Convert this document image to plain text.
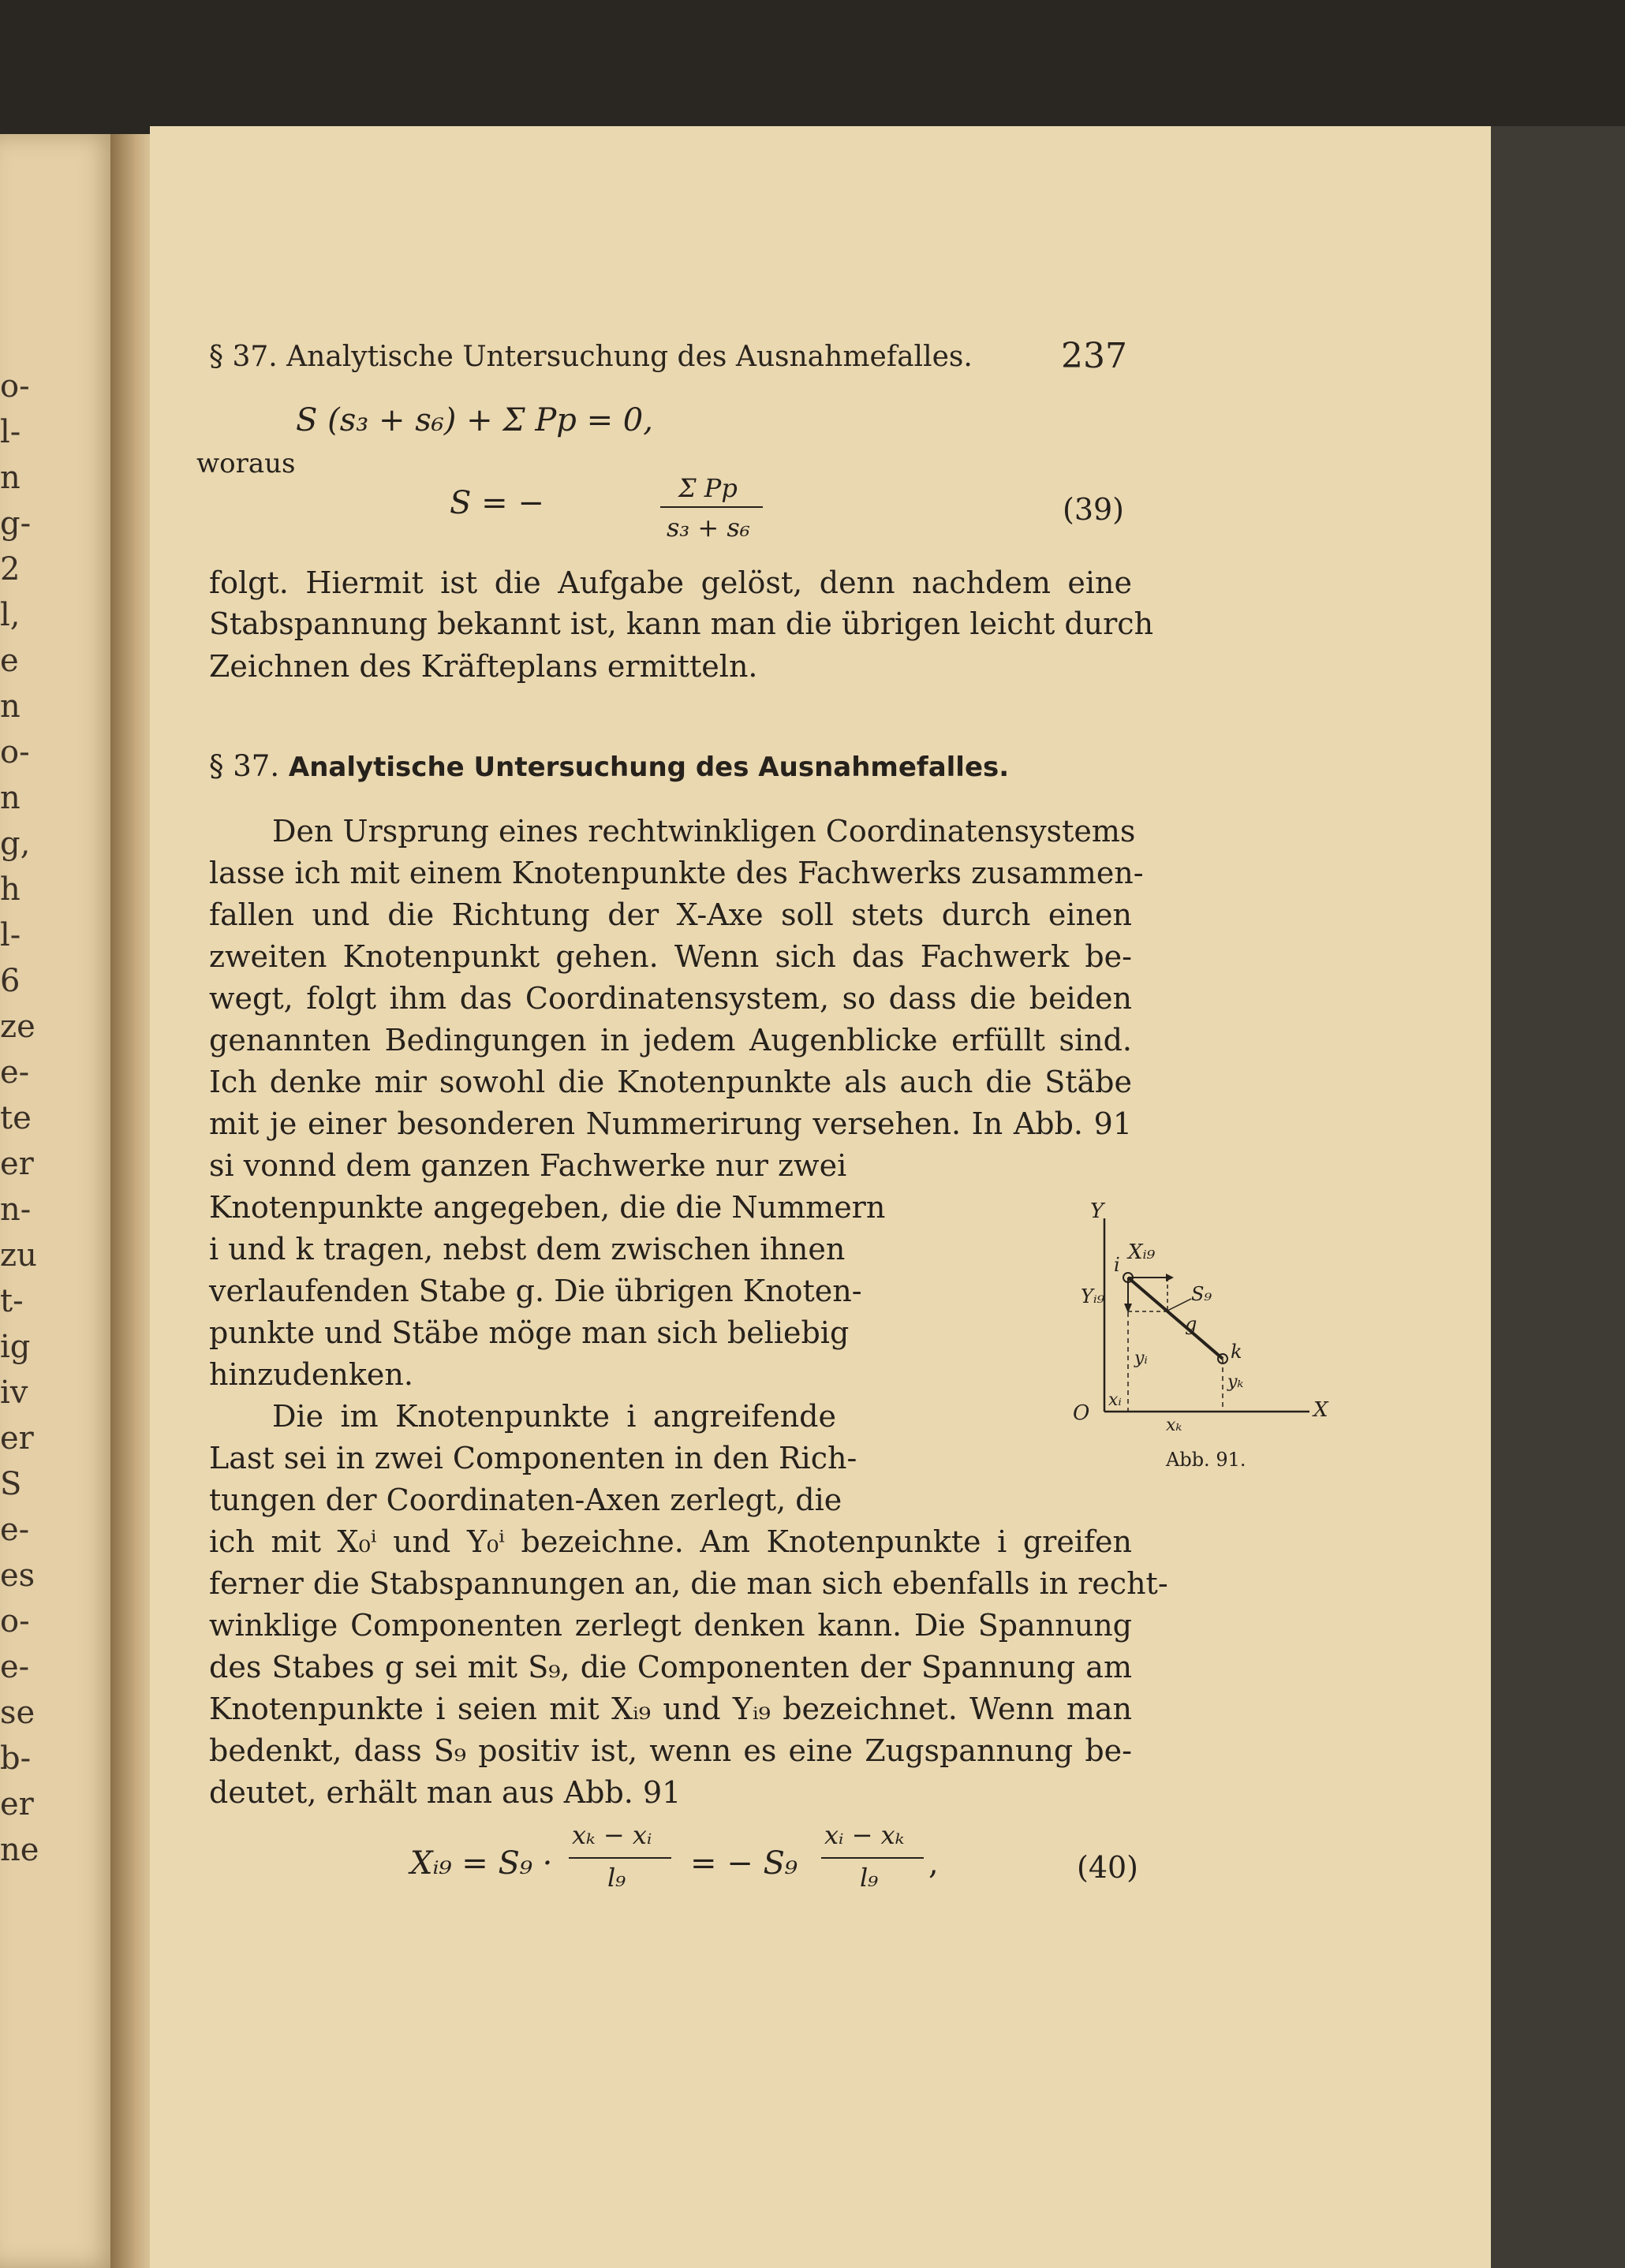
o-
l-
n
g-
2
l,
e
n
o-
n
g,
h
l-
6
ze
e-
te
er
n-
zu
t-
ig
iv
er
S
e-
es
o-
e-
se
b-
er
ne
§ 37. Analytische Untersuchung des Ausnahmefalles.	237
S (s₃ + s₆) + Σ Pp = 0,
woraus
S = −	Σ Pp
s₃ + s₆
(39)
folgt. Hiermit ist die Aufgabe gelöst, denn nachdem eine
Stabspannung bekannt ist, kann man die übrigen leicht durch
Zeichnen des Kräfteplans ermitteln.
§ 37. Analytische Untersuchung des Ausnahmefalles.
Den Ursprung eines rechtwinkligen Coordinatensystems
lasse ich mit einem Knotenpunkte des Fachwerks zusammen-
fallen und die Richtung der X-Axe soll stets durch einen
zweiten Knotenpunkt gehen. Wenn sich das Fachwerk be-
wegt, folgt ihm das Coordinatensystem, so dass die beiden
genannten Bedingungen in jedem Augenblicke erfüllt sind.
Ich denke mir sowohl die Knotenpunkte als auch die Stäbe
mit je einer besonderen Nummerirung versehen. In Abb. 91
si vonnd dem ganzen Fachwerke nur zwei
Knotenpunkte angegeben, die die Nummern
i und k tragen, nebst dem zwischen ihnen
verlaufenden Stabe g. Die übrigen Knoten-
punkte und Stäbe möge man sich beliebig
hinzudenken.
Die im Knotenpunkte i angreifende
Last sei in zwei Componenten in den Rich-
tungen der Coordinaten-Axen zerlegt, die
ich mit X₀ⁱ und Y₀ⁱ bezeichne. Am Knotenpunkte i greifen
ferner die Stabspannungen an, die man sich ebenfalls in recht-
winklige Componenten zerlegt denken kann. Die Spannung
des Stabes g sei mit S₉, die Componenten der Spannung am
Knotenpunkte i seien mit Xᵢ₉ und Yᵢ₉ bezeichnet. Wenn man
bedenkt, dass S₉ positiv ist, wenn es eine Zugspannung be-
deutet, erhält man aus Abb. 91
Xᵢ₉ = S₉ ·
xₖ − xᵢ
l₉ = − S₉
xᵢ − xₖ
l₉ ,	(40)
Y
X
O
i
k
Xᵢ₉
Yᵢ₉	S₉
g
yᵢ
yₖ
xᵢ
xₖ
Abb. 91.
